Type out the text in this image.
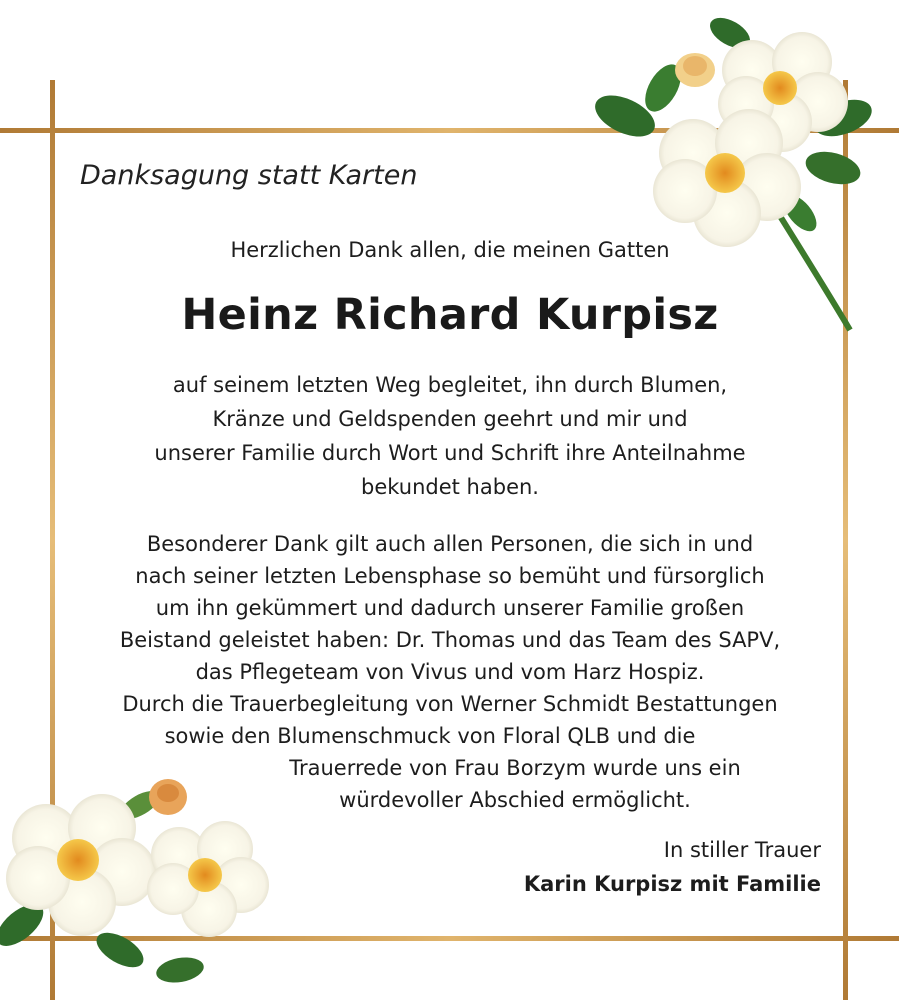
Danksagung statt Karten
Herzlichen Dank allen, die meinen Gatten
Heinz Richard Kurpisz
auf seinem letzten Weg begleitet, ihn durch Blumen,
Kränze und Geldspenden geehrt und mir und
unserer Familie durch Wort und Schrift ihre Anteilnahme
bekundet haben.
Besonderer Dank gilt auch allen Personen, die sich in und
nach seiner letzten Lebensphase so bemüht und fürsorglich
um ihn gekümmert und dadurch unserer Familie großen
Beistand geleistet haben: Dr. Thomas und das Team des SAPV,
das Pflegeteam von Vivus und vom Harz Hospiz.
Durch die Trauerbegleitung von Werner Schmidt Bestattungen
sowie den Blumenschmuck von Floral QLB und die
Trauerrede von Frau Borzym wurde uns ein
würdevoller Abschied ermöglicht.
In stiller Trauer
Karin Kurpisz mit Familie
